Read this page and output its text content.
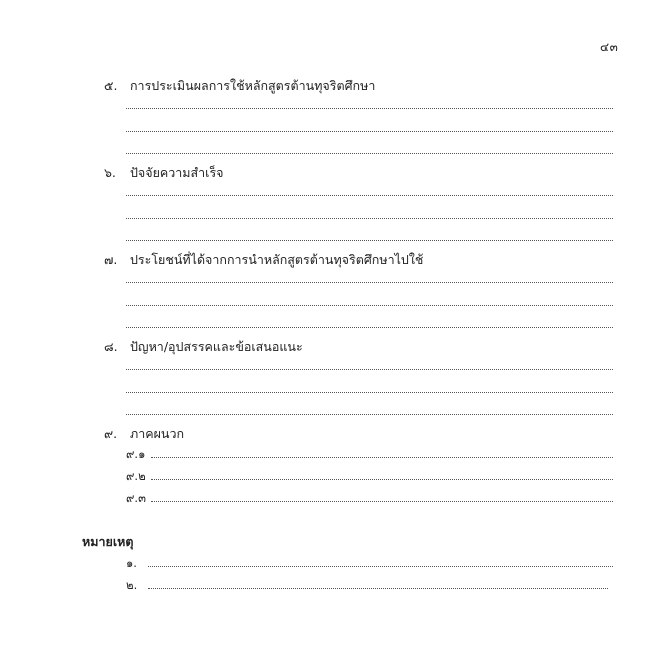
๔๓
๕. การประเมินผลการใช้หลักสูตรต้านทุจริตศึกษา
๖. ปัจจัยความสำเร็จ
๗. ประโยชน์ที่ได้จากการนำหลักสูตรต้านทุจริตศึกษาไปใช้
๘. ปัญหา/อุปสรรคและข้อเสนอแนะ
๙. ภาคผนวก
๙.๑
๙.๒
๙.๓
หมายเหตุ
๑.
๒.
